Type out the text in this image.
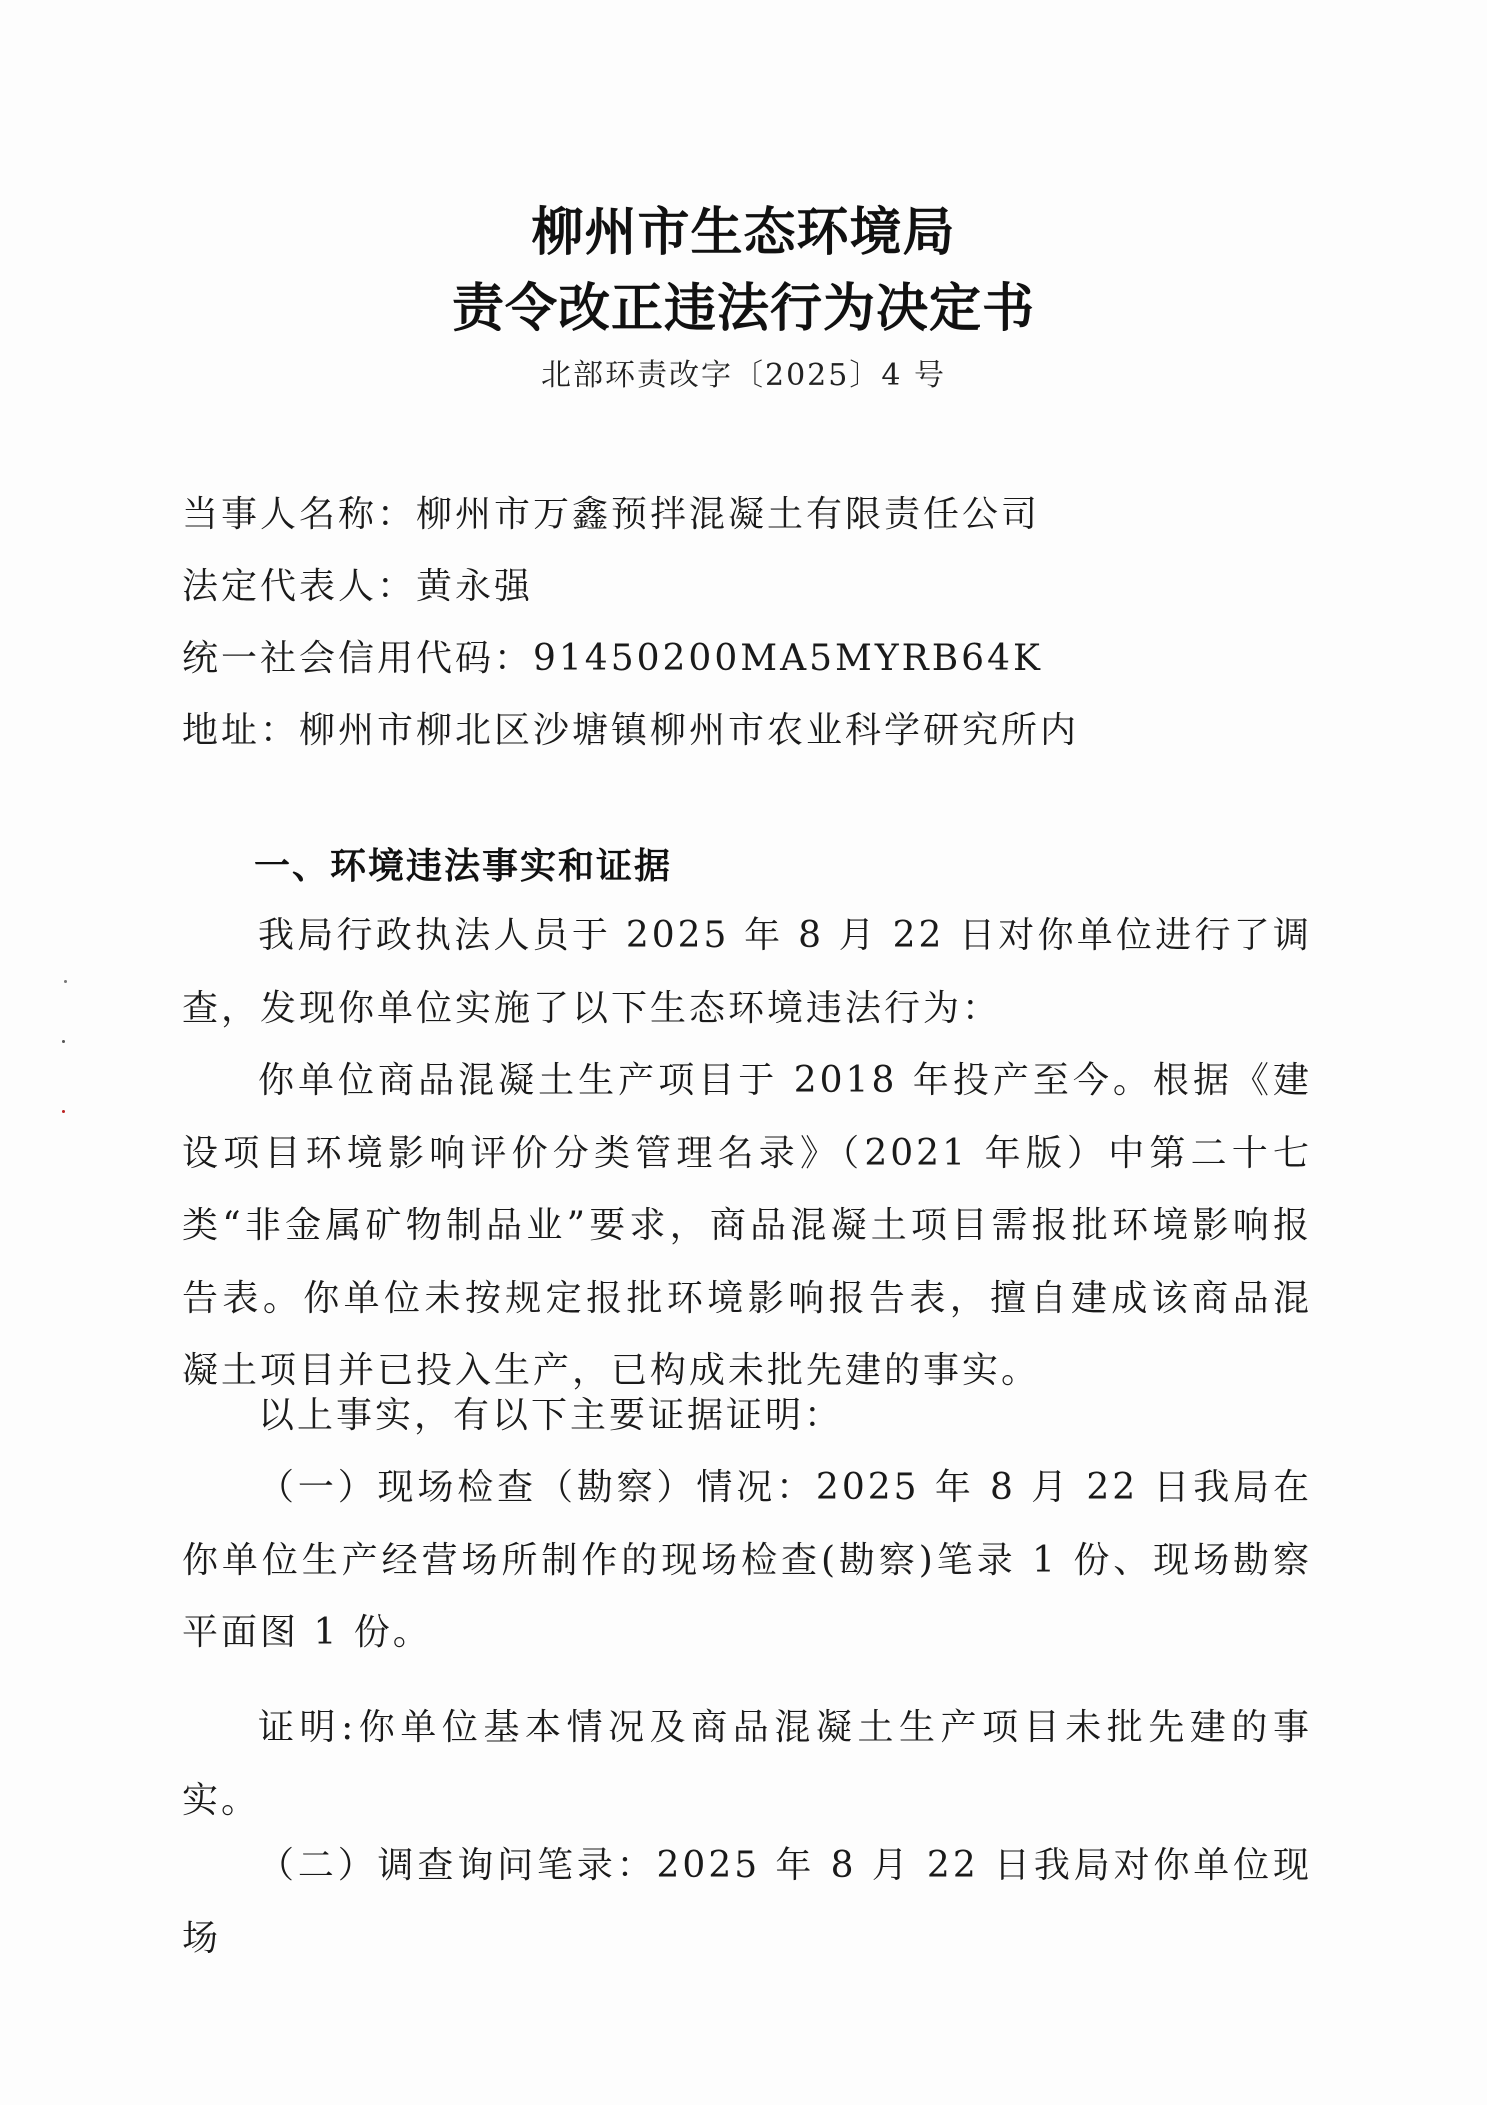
柳州市生态环境局
责令改正违法行为决定书
北部环责改字〔2025〕4 号
当事人名称：柳州市万鑫预拌混凝土有限责任公司
法定代表人：黄永强
统一社会信用代码：91450200MA5MYRB64K
地址：柳州市柳北区沙塘镇柳州市农业科学研究所内
一、环境违法事实和证据

我局行政执法人员于 2025 年 8 月 22 日对你单位进行了调查，发现你单位实施了以下生态环境违法行为：

你单位商品混凝土生产项目于 2018 年投产至今。根据《建设项目环境影响评价分类管理名录》（2021 年版）中第二十七类“非金属矿物制品业”要求，商品混凝土项目需报批环境影响报告表。你单位未按规定报批环境影响报告表，擅自建成该商品混凝土项目并已投入生产，已构成未批先建的事实。

以上事实，有以下主要证据证明：

（一）现场检查（勘察）情况：2025 年 8 月 22 日我局在你单位生产经营场所制作的现场检查(勘察)笔录 1 份、现场勘察平面图 1 份。

证明:你单位基本情况及商品混凝土生产项目未批先建的事实。

（二）调查询问笔录：2025 年 8 月 22 日我局对你单位现场
